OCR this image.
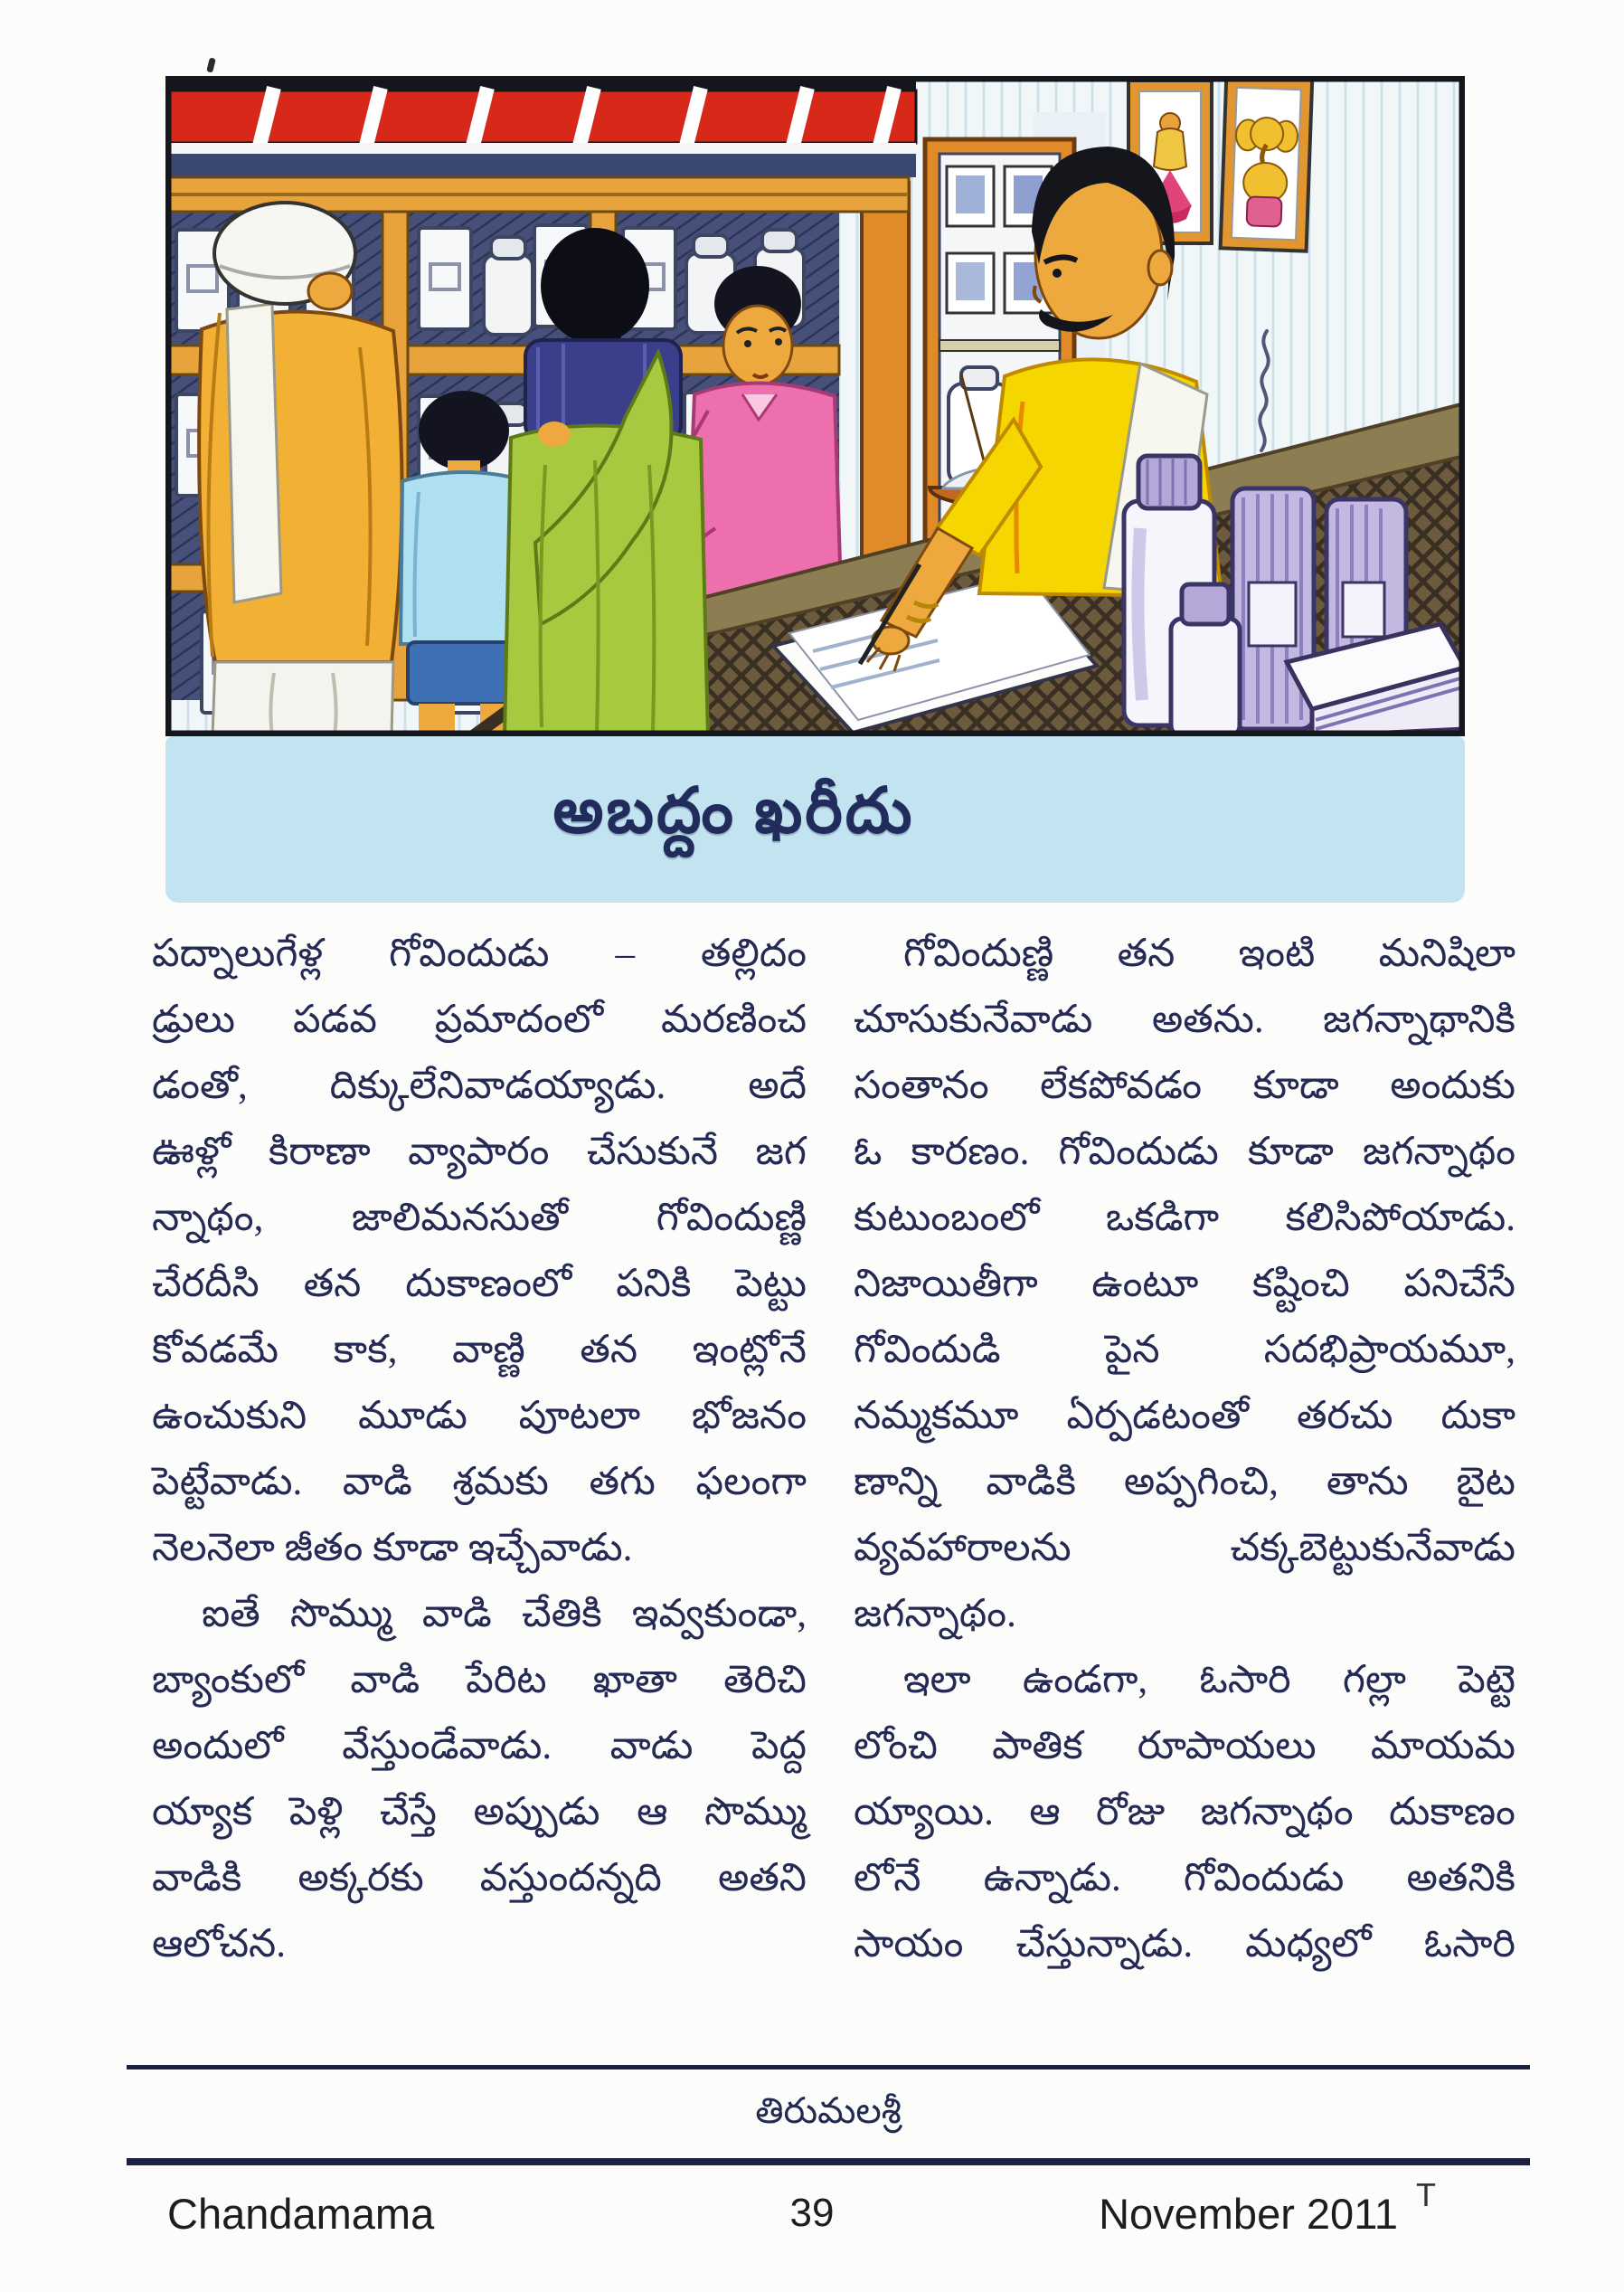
అబద్దం ఖరీదు
పద్నాలుగేళ్ల గోవిందుడు – తల్లిదం
డ్రులు పడవ ప్రమాదంలో మరణించ
డంతో, దిక్కులేనివాడయ్యాడు. అదే
ఊళ్లో కిరాణా వ్యాపారం చేసుకునే జగ
న్నాథం, జాలిమనసుతో గోవిందుణ్ణి
చేరదీసి తన దుకాణంలో పనికి పెట్టు
కోవడమే కాక, వాణ్ణి తన ఇంట్లోనే
ఉంచుకుని మూడు పూటలా భోజనం
పెట్టేవాడు. వాడి శ్రమకు తగు ఫలంగా
నెలనెలా జీతం కూడా ఇచ్చేవాడు.
ఐతే సొమ్ము వాడి చేతికి ఇవ్వకుండా,
బ్యాంకులో వాడి పేరిట ఖాతా తెరిచి
అందులో వేస్తుండేవాడు. వాడు పెద్ద
య్యాక పెళ్లి చేస్తే అప్పుడు ఆ సొమ్ము
వాడికి అక్కరకు వస్తుందన్నది అతని
ఆలోచన.
గోవిందుణ్ణి తన ఇంటి మనిషిలా
చూసుకునేవాడు అతను. జగన్నాథానికి
సంతానం లేకపోవడం కూడా అందుకు
ఓ కారణం. గోవిందుడు కూడా జగన్నాథం
కుటుంబంలో ఒకడిగా కలిసిపోయాడు.
నిజాయితీగా ఉంటూ కష్టించి పనిచేసే
గోవిందుడి పైన సదభిప్రాయమూ,
నమ్మకమూ ఏర్పడటంతో తరచు దుకా
ణాన్ని వాడికి అప్పగించి, తాను బైట
వ్యవహారాలను చక్కబెట్టుకునేవాడు
జగన్నాథం.
ఇలా ఉండగా, ఓసారి గల్లా పెట్టె
లోంచి పాతిక రూపాయలు మాయమ
య్యాయి. ఆ రోజు జగన్నాథం దుకాణం
లోనే ఉన్నాడు. గోవిందుడు అతనికి
సాయం చేస్తున్నాడు. మధ్యలో ఓసారి
తిరుమలశ్రీ
Chandamama	39	November 2011 T
